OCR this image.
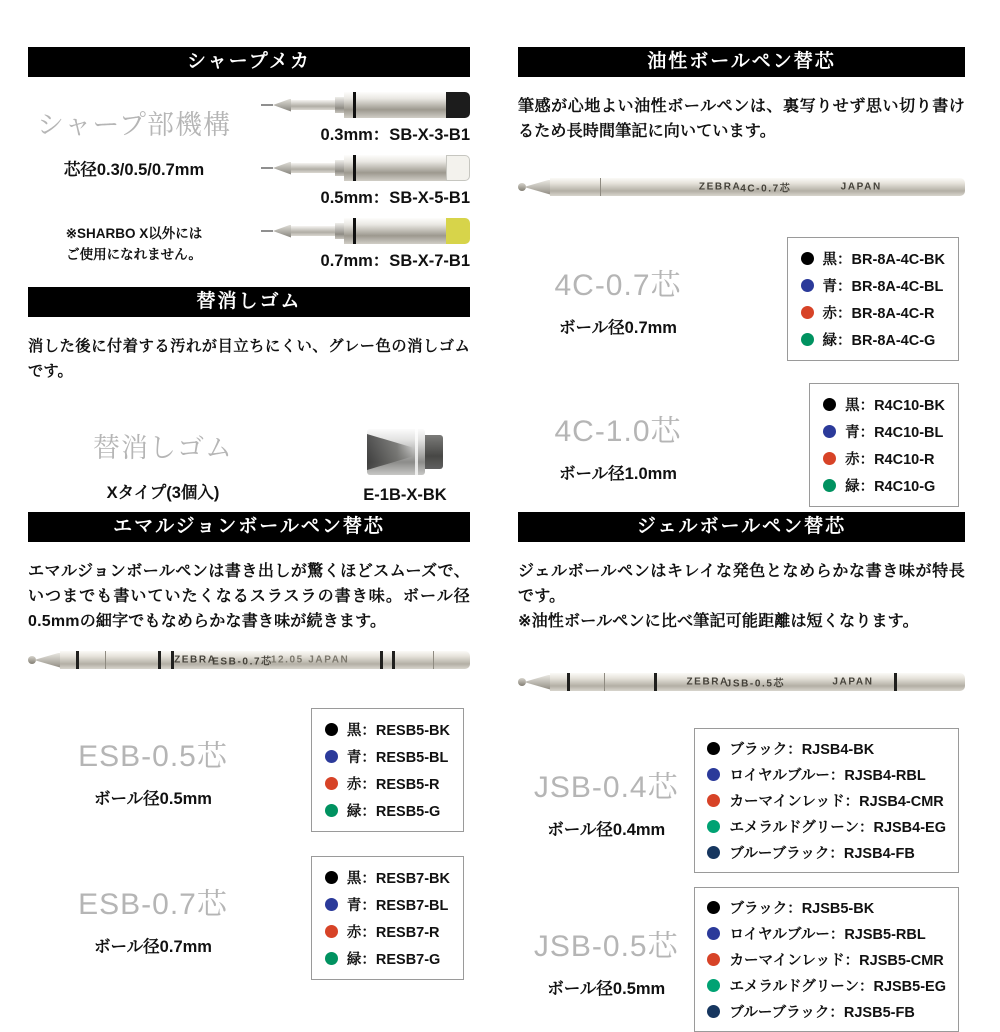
シャープメカ
シャープ部機構
芯径0.3/0.5/0.7mm
※SHARBO X以外には
ご使用になれません。
0.3mm：SB-X-3-B1
0.5mm：SB-X-5-B1
0.7mm：SB-X-7-B1
替消しゴム

消した後に付着する汚れが目立ちにくい、グレー色の消しゴムです。

替消しゴム
Xタイプ(3個入)	E-1B-X-BK
油性ボールペン替芯

筆感が心地よい油性ボールペンは、裏写りせず思い切り書けるため長時間筆記に向いています。

ZEBRA
4C-0.7芯	JAPAN
4C-0.7芯
ボール径0.7mm
黒：BR-8A-4C-BK
青：BR-8A-4C-BL
赤：BR-8A-4C-R
緑：BR-8A-4C-G
4C-1.0芯
ボール径1.0mm
黒：R4C10-BK
青：R4C10-BL
赤：R4C10-R
緑：R4C10-G
エマルジョンボールペン替芯

エマルジョンボールペンは書き出しが驚くほどスムーズで、いつまでも書いていたくなるスラスラの書き味。ボール径0.5mmの細字でもなめらかな書き味が続きます。

ZEBRA
ESB-0.7芯
12.05 JAPAN
ESB-0.5芯
ボール径0.5mm
黒：RESB5-BK
青：RESB5-BL
赤：RESB5-R
緑：RESB5-G
ESB-0.7芯
ボール径0.7mm
黒：RESB7-BK
青：RESB7-BL
赤：RESB7-R
緑：RESB7-G
ジェルボールペン替芯

ジェルボールペンはキレイな発色となめらかな書き味が特長です。
※油性ボールペンに比べ筆記可能距離は短くなります。

ZEBRA
JSB-0.5芯	JAPAN
JSB-0.4芯
ボール径0.4mm
ブラック：RJSB4-BK
ロイヤルブルー：RJSB4-RBL
カーマインレッド：RJSB4-CMR
エメラルドグリーン：RJSB4-EG
ブルーブラック：RJSB4-FB
JSB-0.5芯
ボール径0.5mm
ブラック：RJSB5-BK
ロイヤルブルー：RJSB5-RBL
カーマインレッド：RJSB5-CMR
エメラルドグリーン：RJSB5-EG
ブルーブラック：RJSB5-FB
